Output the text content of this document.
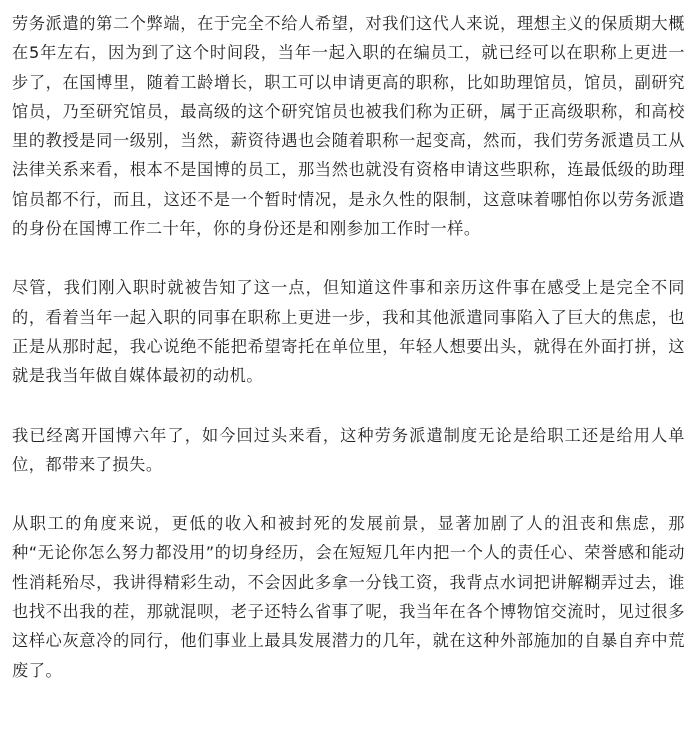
劳务派遣的第二个弊端，在于完全不给人希望，对我们这代人来说，理想主义的保质期大概在5年左右，因为到了这个时间段，当年一起入职的在编员工，就已经可以在职称上更进一步了，在国博里，随着工龄增长，职工可以申请更高的职称，比如助理馆员，馆员，副研究馆员，乃至研究馆员，最高级的这个研究馆员也被我们称为正研，属于正高级职称，和高校里的教授是同一级别，当然，薪资待遇也会随着职称一起变高，然而，我们劳务派遣员工从法律关系来看，根本不是国博的员工，那当然也就没有资格申请这些职称，连最低级的助理馆员都不行，而且，这还不是一个暂时情况，是永久性的限制，这意味着哪怕你以劳务派遣的身份在国博工作二十年，你的身份还是和刚参加工作时一样。

尽管，我们刚入职时就被告知了这一点，但知道这件事和亲历这件事在感受上是完全不同的，看着当年一起入职的同事在职称上更进一步，我和其他派遣同事陷入了巨大的焦虑，也正是从那时起，我心说绝不能把希望寄托在单位里，年轻人想要出头，就得在外面打拼，这就是我当年做自媒体最初的动机。

我已经离开国博六年了，如今回过头来看，这种劳务派遣制度无论是给职工还是给用人单位，都带来了损失。

从职工的角度来说，更低的收入和被封死的发展前景，显著加剧了人的沮丧和焦虑，那种“无论你怎么努力都没用”的切身经历，会在短短几年内把一个人的责任心、荣誉感和能动性消耗殆尽，我讲得精彩生动，不会因此多拿一分钱工资，我背点水词把讲解糊弄过去，谁也找不出我的茬，那就混呗，老子还特么省事了呢，我当年在各个博物馆交流时，见过很多这样心灰意冷的同行，他们事业上最具发展潜力的几年，就在这种外部施加的自暴自弃中荒废了。
